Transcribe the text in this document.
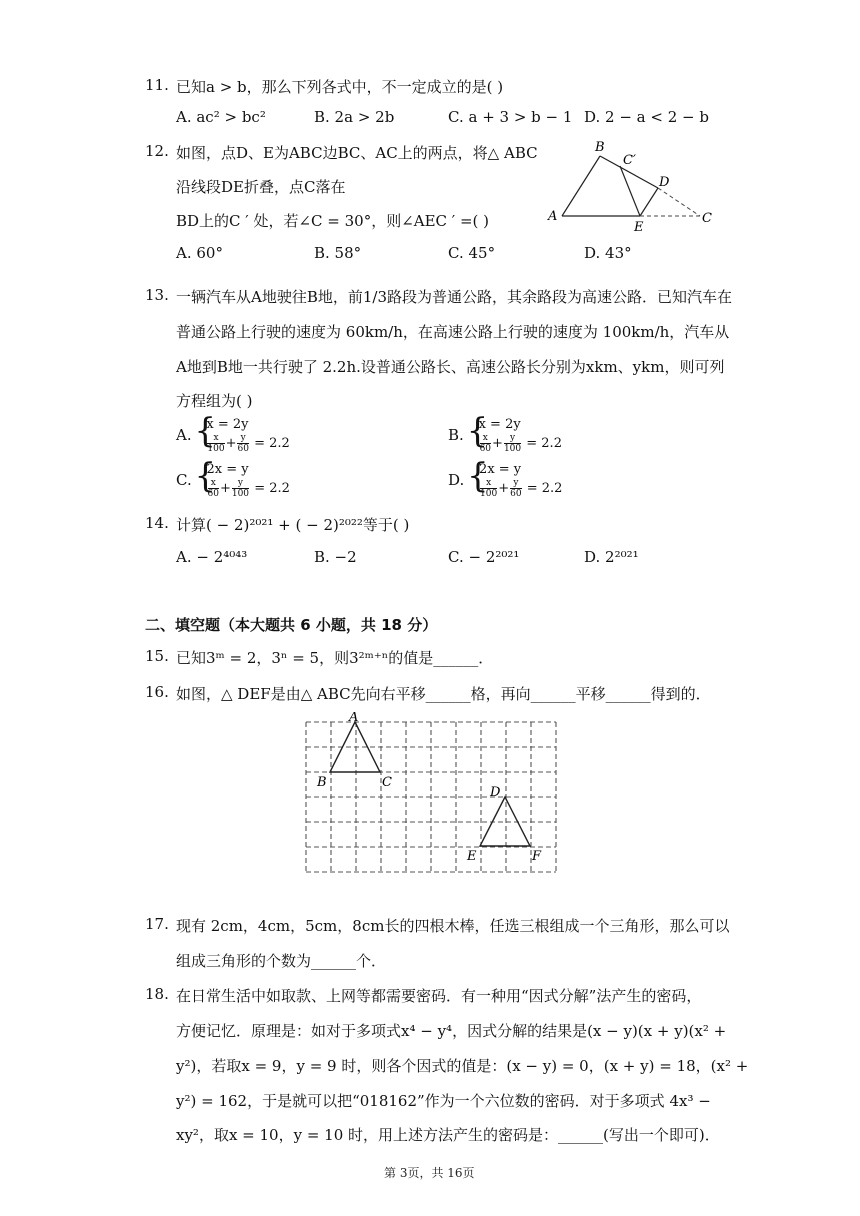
11. 已知a > b，那么下列各式中，不一定成立的是( )
A. ac² > bc²	B. 2a > 2b	C. a + 3 > b − 1 D. 2 − a < 2 − b
12. 如图，点D、E为ABC边BC、AC上的两点，将△ ABC
沿线段DE折叠，点C落在
BD上的C ′ 处，若∠C = 30°，则∠AEC ′ =( )
A. 60°	B. 58°	C. 45°	D. 43°
B
C′
D
A
E
C
13. 一辆汽车从A地驶往B地，前1/3路段为普通公路，其余路段为高速公路．已知汽车在
普通公路上行驶的速度为 60km/h，在高速公路上行驶的速度为 100km/h，汽车从
A地到B地一共行驶了 2.2h.设普通公路长、高速公路长分别为xkm、ykm，则可列
方程组为( )
A.
{ x = 2y
$\frac{x}{100} + \frac{y}{60} = 2.2$	B.
{ x = 2y
$\frac{x}{60} + \frac{y}{100} = 2.2$
C.
{ 2x = y
$\frac{x}{60} + \frac{y}{100} = 2.2$	D.
{ 2x = y
$\frac{x}{100} + \frac{y}{60} = 2.2$
14. 计算( − 2)²⁰²¹ + ( − 2)²⁰²²等于( )
A. − 2⁴⁰⁴³	B. −2	C. − 2²⁰²¹	D. 2²⁰²¹
二、填空题（本大题共 6 小题，共 18 分）
15. 已知3ᵐ = 2，3ⁿ = 5，则3²ᵐ⁺ⁿ的值是______．
16. 如图，△ DEF是由△ ABC先向右平移______格，再向______平移______得到的．
A
B	C
D
E	F
17. 现有 2cm，4cm，5cm，8cm长的四根木棒，任选三根组成一个三角形，那么可以
组成三角形的个数为______个．
18. 在日常生活中如取款、上网等都需要密码．有一种用“因式分解”法产生的密码，
方便记忆．原理是：如对于多项式x⁴ − y⁴，因式分解的结果是(x − y)(x + y)(x² +
y²)，若取x = 9，y = 9 时，则各个因式的值是：(x − y) = 0，(x + y) = 18，(x² +
y²) = 162，于是就可以把“018162”作为一个六位数的密码．对于多项式 4x³ −
xy²，取x = 10，y = 10 时，用上述方法产生的密码是：______(写出一个即可)．
第 3页，共 16页
